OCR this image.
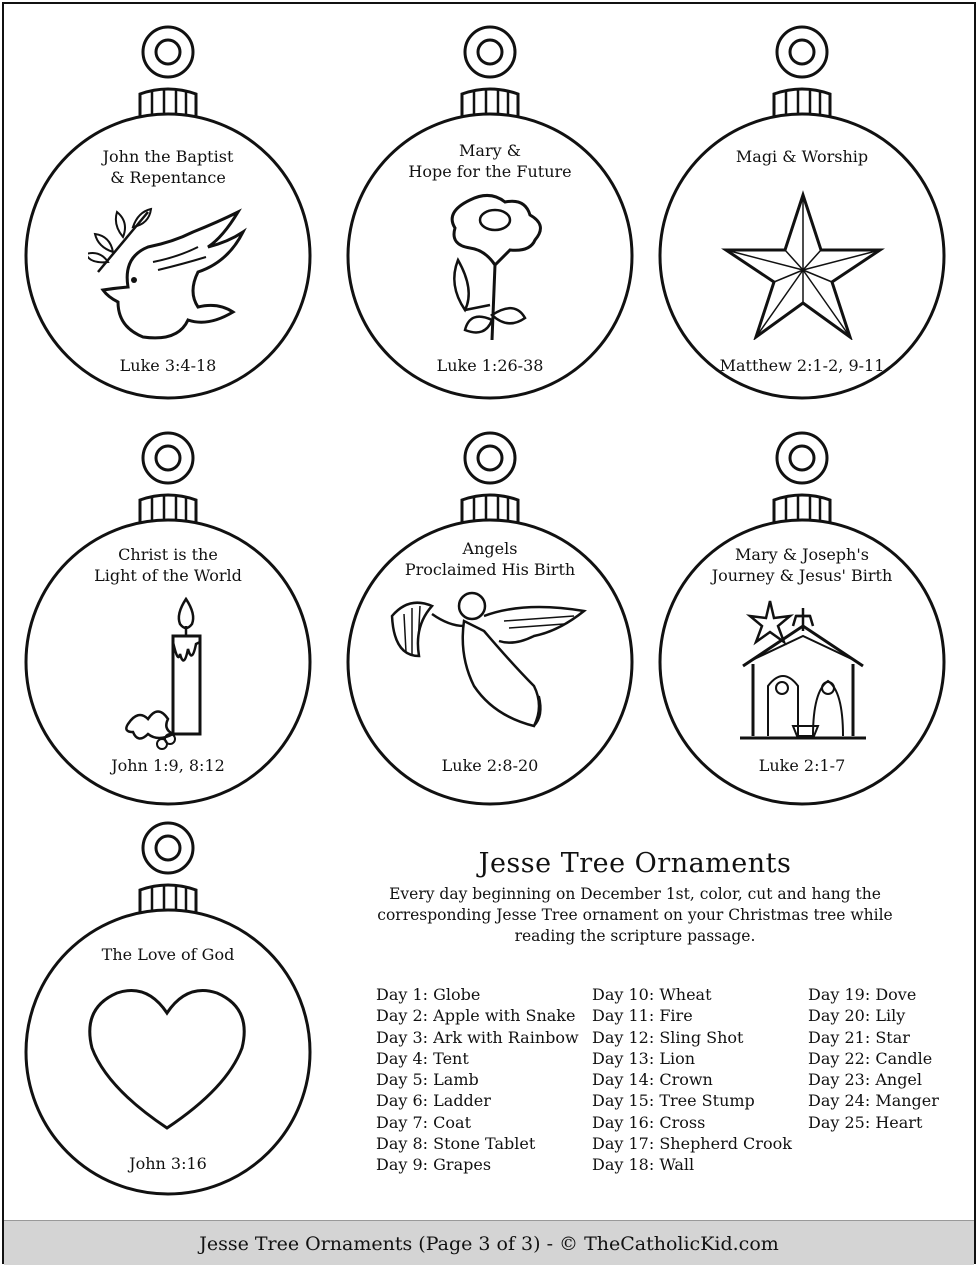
John the Baptist
& Repentance
Luke 3:4-18
Mary &
Hope for the Future
Luke 1:26-38
Magi & Worship
Matthew 2:1-2, 9-11
Christ is the
Light of the World
John 1:9, 8:12
Angels
Proclaimed His Birth
Luke 2:8-20
Mary & Joseph's
Journey & Jesus' Birth
Luke 2:1-7
The Love of God
John 3:16
Jesse Tree Ornaments
Every day beginning on December 1st, color, cut and hang the corresponding Jesse Tree ornament on your Christmas tree while reading the scripture passage.
Day 1: Globe
Day 2: Apple with Snake
Day 3: Ark with Rainbow
Day 4: Tent
Day 5: Lamb
Day 6: Ladder
Day 7: Coat
Day 8: Stone Tablet
Day 9: Grapes
Day 10: Wheat
Day 11: Fire
Day 12: Sling Shot
Day 13: Lion
Day 14: Crown
Day 15: Tree Stump
Day 16: Cross
Day 17: Shepherd Crook
Day 18: Wall
Day 19: Dove
Day 20: Lily
Day 21: Star
Day 22: Candle
Day 23: Angel
Day 24: Manger
Day 25: Heart
Jesse Tree Ornaments (Page 3 of 3) - © TheCatholicKid.com
